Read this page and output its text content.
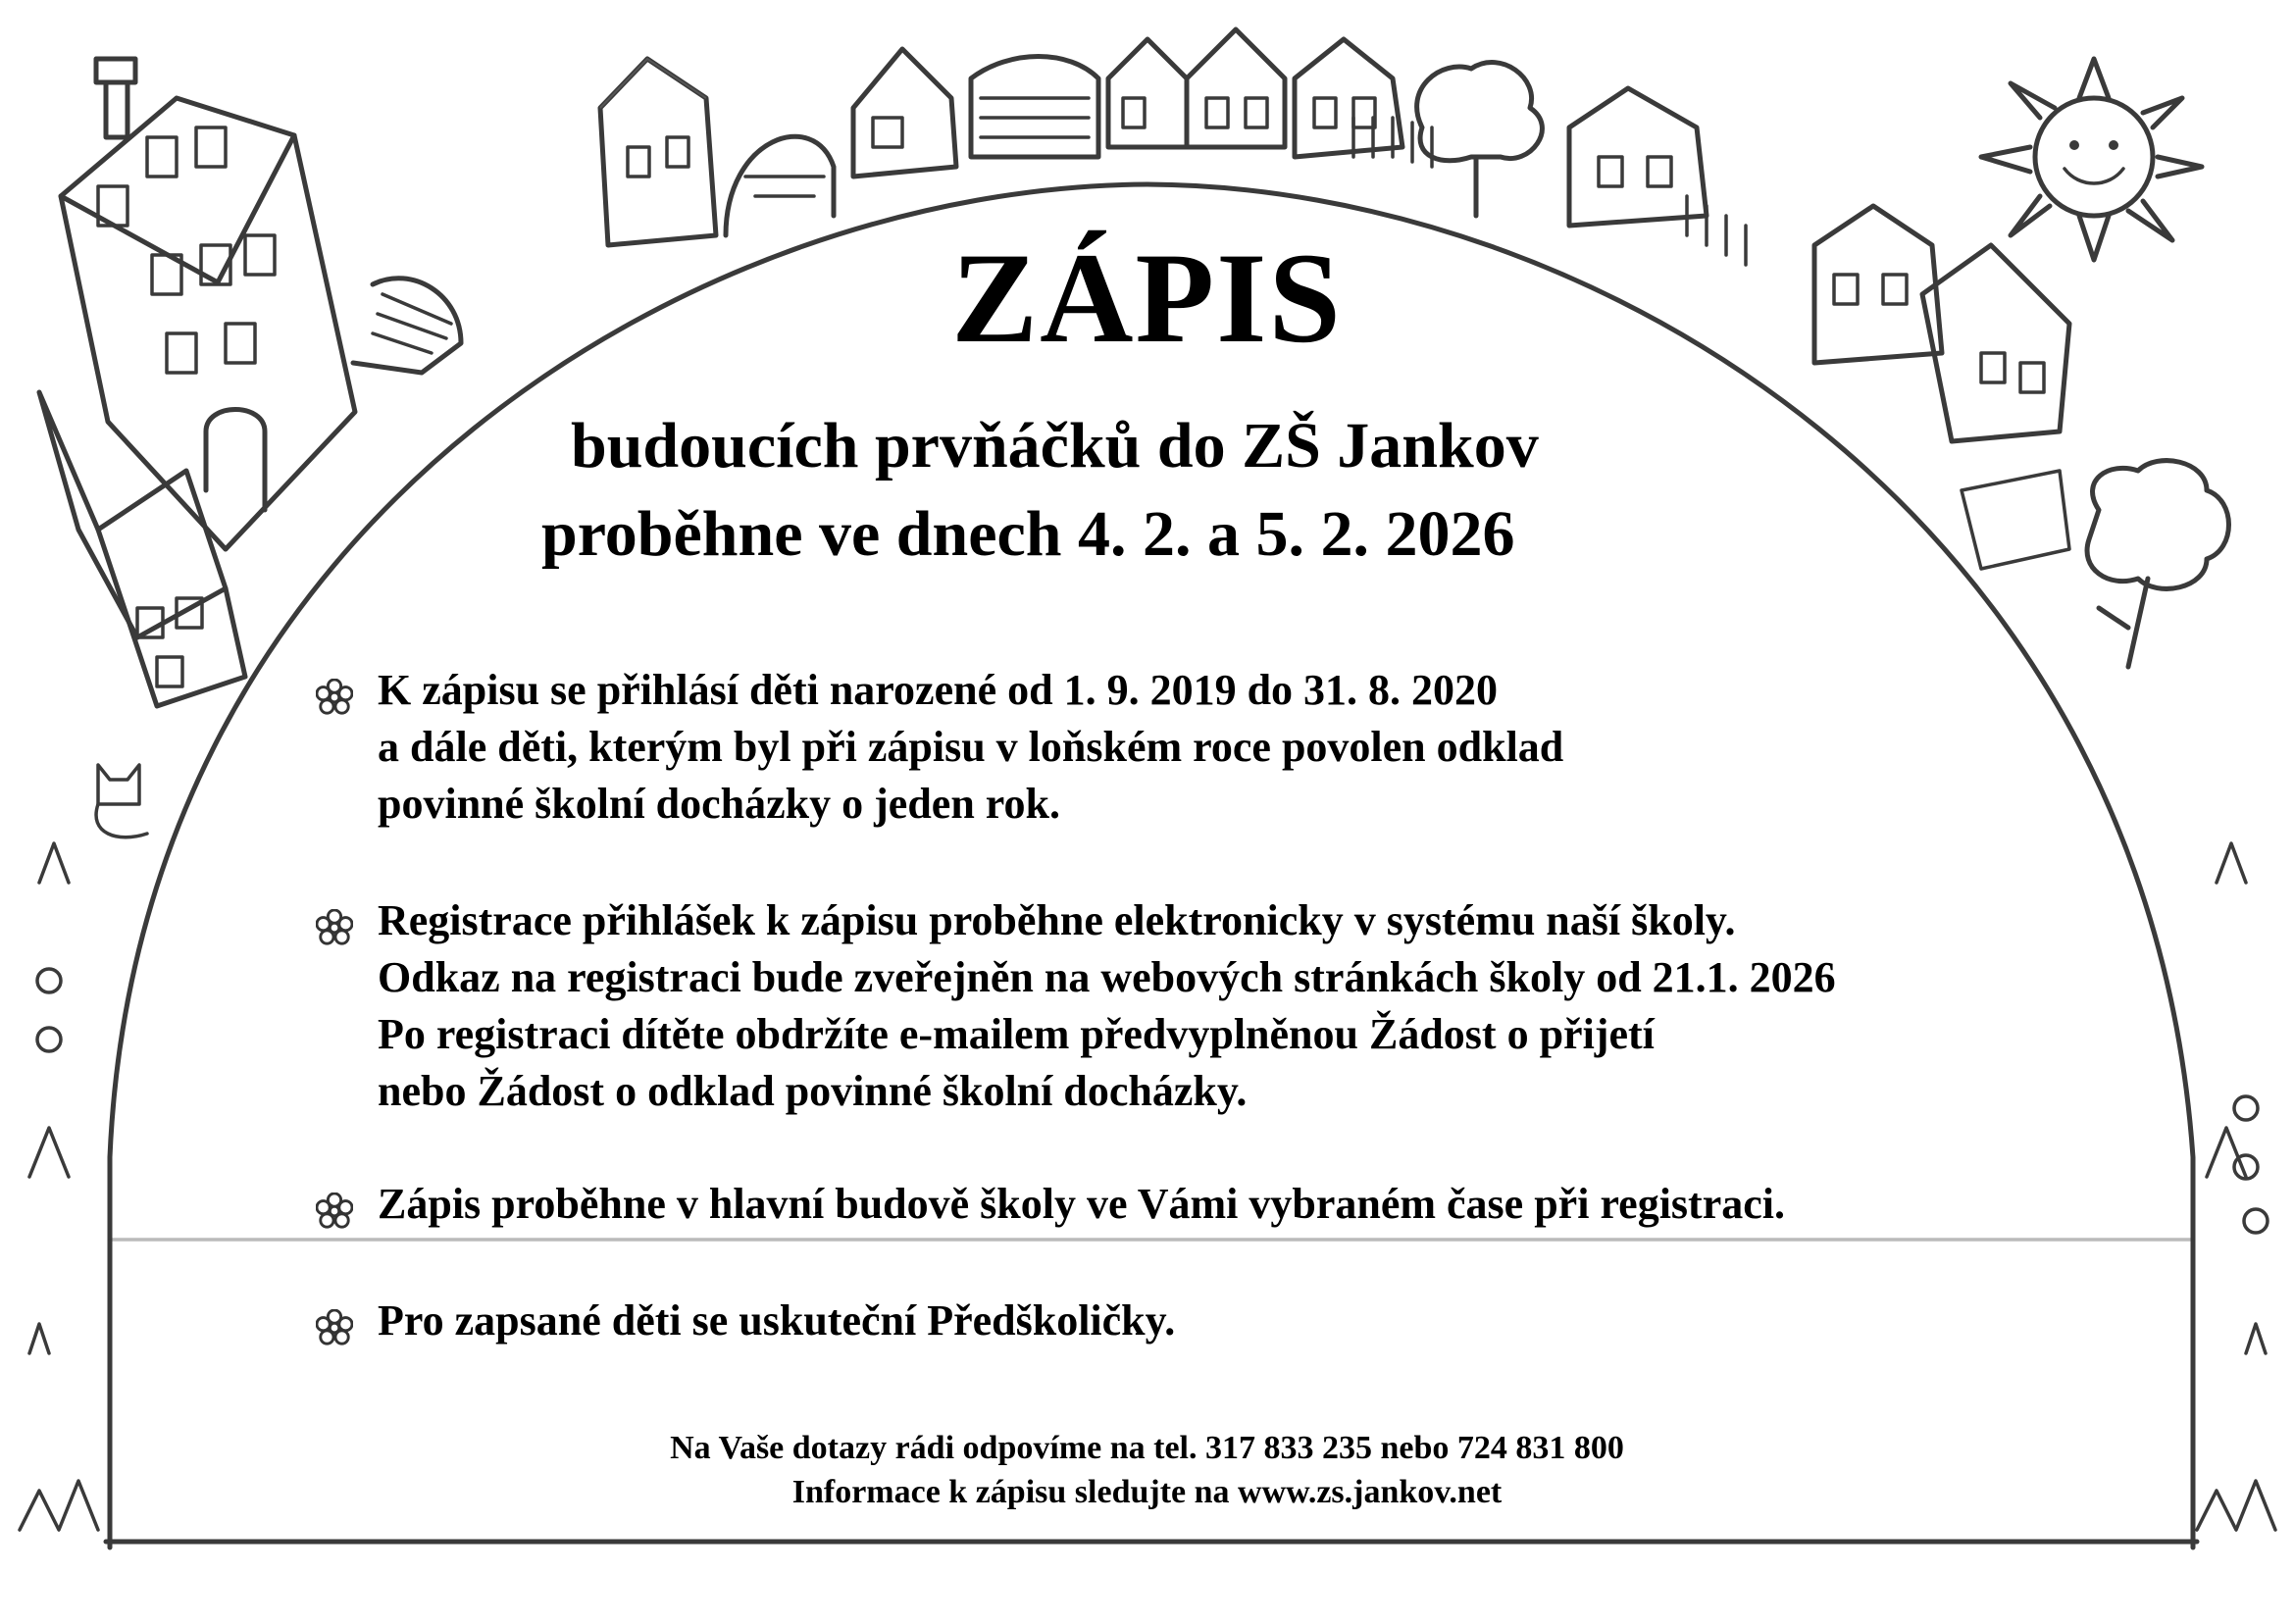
ZÁPIS
budoucích prvňáčků do ZŠ Jankov
proběhne ve dnech 4. 2. a 5. 2. 2026
K zápisu se přihlásí děti narozené od 1. 9. 2019 do 31. 8. 2020
a dále děti, kterým byl při zápisu v loňském roce povolen odklad
povinné školní docházky o jeden rok.
Registrace přihlášek k zápisu proběhne elektronicky v systému naší školy.
Odkaz na registraci bude zveřejněn na webových stránkách školy od 21.1. 2026
Po registraci dítěte obdržíte e-mailem předvyplněnou Žádost o přijetí
nebo Žádost o odklad povinné školní docházky.
Zápis proběhne v hlavní budově školy ve Vámi vybraném čase při registraci.
Pro zapsané děti se uskuteční Předškoličky.
Na Vaše dotazy rádi odpovíme na tel. 317 833 235 nebo 724 831 800
Informace k zápisu sledujte na www.zs.jankov.net
